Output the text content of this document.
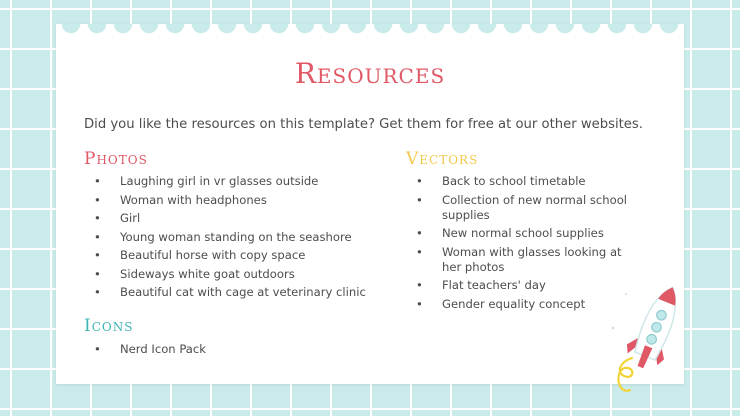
Resources
Did you like the resources on this template? Get them for free at our other websites.
Photos
• Laughing girl in vr glasses outside
• Woman with headphones
• Girl
• Young woman standing on the seashore
• Beautiful horse with copy space
• Sideways white goat outdoors
• Beautiful cat with cage at veterinary clinic
Vectors
• Back to school timetable
• Collection of new normal school supplies
• New normal school supplies
• Woman with glasses looking at her photos
• Flat teachers' day
• Gender equality concept
Icons
• Nerd Icon Pack
